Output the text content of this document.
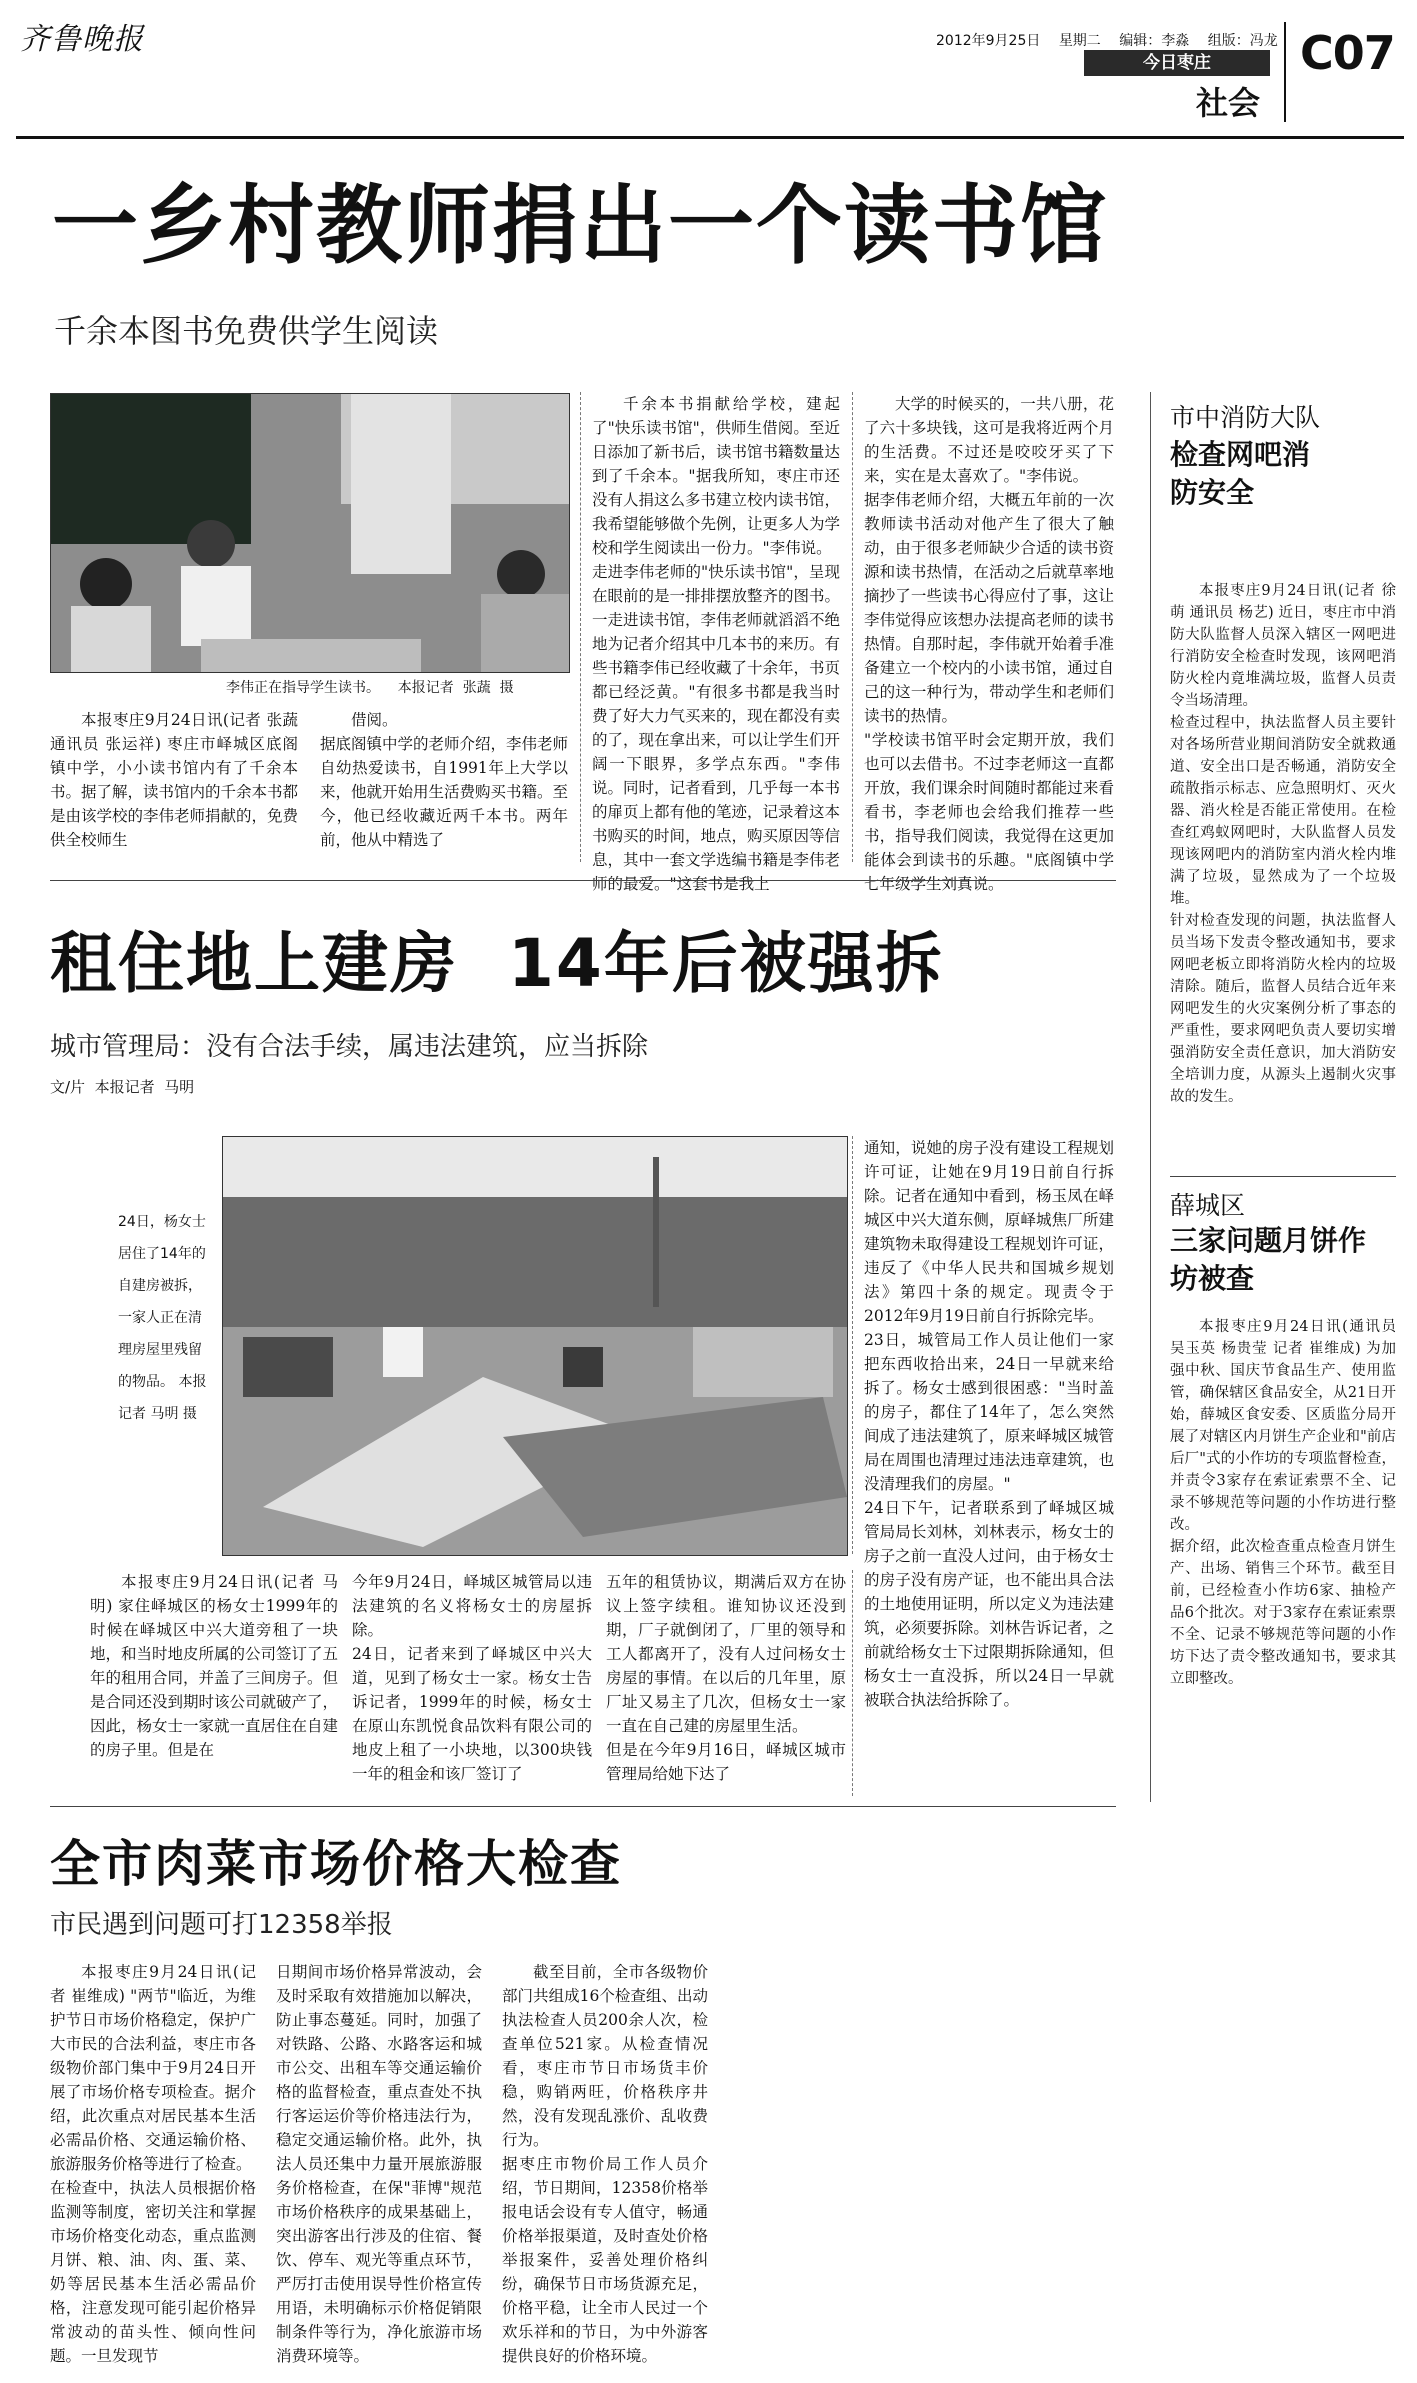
齐鲁晚报	2012年9月25日 星期二 编辑：李淼 组版：冯龙
今日枣庄
社会
C07
一乡村教师捐出一个读书馆
千余本图书免费供学生阅读
李伟正在指导学生读书。    本报记者  张蔬  摄

本报枣庄9月24日讯(记者 张蔬 通讯员 张运祥) 枣庄市峄城区底阁镇中学，小小读书馆内有了千余本书。据了解，读书馆内的千余本书都是由该学校的李伟老师捐献的，免费供全校师生

借阅。
据底阁镇中学的老师介绍，李伟老师自幼热爱读书，自1991年上大学以来，他就开始用生活费购买书籍。至今，他已经收藏近两千本书。两年前，他从中精选了

千余本书捐献给学校，建起了"快乐读书馆"，供师生借阅。至近日添加了新书后，读书馆书籍数量达到了千余本。"据我所知，枣庄市还没有人捐这么多书建立校内读书馆，我希望能够做个先例，让更多人为学校和学生阅读出一份力。"李伟说。
走进李伟老师的"快乐读书馆"，呈现在眼前的是一排排摆放整齐的图书。一走进读书馆，李伟老师就滔滔不绝地为记者介绍其中几本书的来历。有些书籍李伟已经收藏了十余年，书页都已经泛黄。"有很多书都是我当时费了好大力气买来的，现在都没有卖的了，现在拿出来，可以让学生们开阔一下眼界，多学点东西。"李伟说。同时，记者看到，几乎每一本书的扉页上都有他的笔迹，记录着这本书购买的时间，地点，购买原因等信息，其中一套文学选编书籍是李伟老师的最爱。"这套书是我上

大学的时候买的，一共八册，花了六十多块钱，这可是我将近两个月的生活费。不过还是咬咬牙买了下来，实在是太喜欢了。"李伟说。
据李伟老师介绍，大概五年前的一次教师读书活动对他产生了很大了触动，由于很多老师缺少合适的读书资源和读书热情，在活动之后就草率地摘抄了一些读书心得应付了事，这让李伟觉得应该想办法提高老师的读书热情。自那时起，李伟就开始着手准备建立一个校内的小读书馆，通过自己的这一种行为，带动学生和老师们读书的热情。
"学校读书馆平时会定期开放，我们也可以去借书。不过李老师这一直都开放，我们课余时间随时都能过来看看书，李老师也会给我们推荐一些书，指导我们阅读，我觉得在这更加能体会到读书的乐趣。"底阁镇中学七年级学生刘真说。

租住地上建房  14年后被强拆
城市管理局：没有合法手续，属违法建筑，应当拆除
文/片  本报记者  马明
24日，杨女士居住了14年的自建房被拆，一家人正在清理房屋里残留的物品。 本报记者 马明 摄

通知，说她的房子没有建设工程规划许可证，让她在9月19日前自行拆除。记者在通知中看到，杨玉凤在峄城区中兴大道东侧，原峄城焦厂所建建筑物未取得建设工程规划许可证，违反了《中华人民共和国城乡规划法》第四十条的规定。现责令于2012年9月19日前自行拆除完毕。
23日，城管局工作人员让他们一家把东西收拾出来，24日一早就来给拆了。杨女士感到很困惑："当时盖的房子，都住了14年了，怎么突然间成了违法建筑了，原来峄城区城管局在周围也清理过违法违章建筑，也没清理我们的房屋。"
24日下午，记者联系到了峄城区城管局局长刘林，刘林表示，杨女士的房子之前一直没人过问，由于杨女士的房子没有房产证，也不能出具合法的土地使用证明，所以定义为违法建筑，必须要拆除。刘林告诉记者，之前就给杨女士下过限期拆除通知，但杨女士一直没拆，所以24日一早就被联合执法给拆除了。

本报枣庄9月24日讯(记者 马明) 家住峄城区的杨女士1999年的时候在峄城区中兴大道旁租了一块地，和当时地皮所属的公司签订了五年的租用合同，并盖了三间房子。但是合同还没到期时该公司就破产了，因此，杨女士一家就一直居住在自建的房子里。但是在

今年9月24日，峄城区城管局以违法建筑的名义将杨女士的房屋拆除。
24日，记者来到了峄城区中兴大道，见到了杨女士一家。杨女士告诉记者，1999年的时候，杨女士在原山东凯悦食品饮料有限公司的地皮上租了一小块地，以300块钱一年的租金和该厂签订了

五年的租赁协议，期满后双方在协议上签字续租。谁知协议还没到期，厂子就倒闭了，厂里的领导和工人都离开了，没有人过问杨女士房屋的事情。在以后的几年里，原厂址又易主了几次，但杨女士一家一直在自己建的房屋里生活。
但是在今年9月16日，峄城区城市管理局给她下达了

全市肉菜市场价格大检查
市民遇到问题可打12358举报

本报枣庄9月24日讯(记者 崔维成) "两节"临近，为维护节日市场价格稳定，保护广大市民的合法利益，枣庄市各级物价部门集中于9月24日开展了市场价格专项检查。据介绍，此次重点对居民基本生活必需品价格、交通运输价格、旅游服务价格等进行了检查。
在检查中，执法人员根据价格监测等制度，密切关注和掌握市场价格变化动态，重点监测月饼、粮、油、肉、蛋、菜、奶等居民基本生活必需品价格，注意发现可能引起价格异常波动的苗头性、倾向性问题。一旦发现节

日期间市场价格异常波动，会及时采取有效措施加以解决，防止事态蔓延。同时，加强了对铁路、公路、水路客运和城市公交、出租车等交通运输价格的监督检查，重点查处不执行客运运价等价格违法行为，稳定交通运输价格。此外，执法人员还集中力量开展旅游服务价格检查，在保"菲博"规范市场价格秩序的成果基础上，突出游客出行涉及的住宿、餐饮、停车、观光等重点环节，严厉打击使用误导性价格宣传用语，未明确标示价格促销限制条件等行为，净化旅游市场消费环境等。

截至目前，全市各级物价部门共组成16个检查组、出动执法检查人员200余人次，检查单位521家。从检查情况看，枣庄市节日市场货丰价稳，购销两旺，价格秩序井然，没有发现乱涨价、乱收费行为。
据枣庄市物价局工作人员介绍，节日期间，12358价格举报电话会设有专人值守，畅通价格举报渠道，及时查处价格举报案件，妥善处理价格纠纷，确保节日市场货源充足，价格平稳，让全市人民过一个欢乐祥和的节日，为中外游客提供良好的价格环境。

市中消防大队
检查网吧消防安全

本报枣庄9月24日讯(记者 徐萌 通讯员 杨艺) 近日，枣庄市中消防大队监督人员深入辖区一网吧进行消防安全检查时发现，该网吧消防火栓内竟堆满垃圾，监督人员责令当场清理。
检查过程中，执法监督人员主要针对各场所营业期间消防安全就救通道、安全出口是否畅通，消防安全疏散指示标志、应急照明灯、灭火器、消火栓是否能正常使用。在检查红鸡蚁网吧时，大队监督人员发现该网吧内的消防室内消火栓内堆满了垃圾，显然成为了一个垃圾堆。
针对检查发现的问题，执法监督人员当场下发责令整改通知书，要求网吧老板立即将消防火栓内的垃圾清除。随后，监督人员结合近年来网吧发生的火灾案例分析了事态的严重性，要求网吧负责人要切实增强消防安全责任意识，加大消防安全培训力度，从源头上遏制火灾事故的发生。

薛城区
三家问题月饼作坊被查

本报枣庄9月24日讯(通讯员 吴玉英 杨贵莹 记者 崔维成) 为加强中秋、国庆节食品生产、使用监管，确保辖区食品安全，从21日开始，薛城区食安委、区质监分局开展了对辖区内月饼生产企业和"前店后厂"式的小作坊的专项监督检查，并责令3家存在索证索票不全、记录不够规范等问题的小作坊进行整改。
据介绍，此次检查重点检查月饼生产、出场、销售三个环节。截至目前，已经检查小作坊6家、抽检产品6个批次。对于3家存在索证索票不全、记录不够规范等问题的小作坊下达了责令整改通知书，要求其立即整改。
